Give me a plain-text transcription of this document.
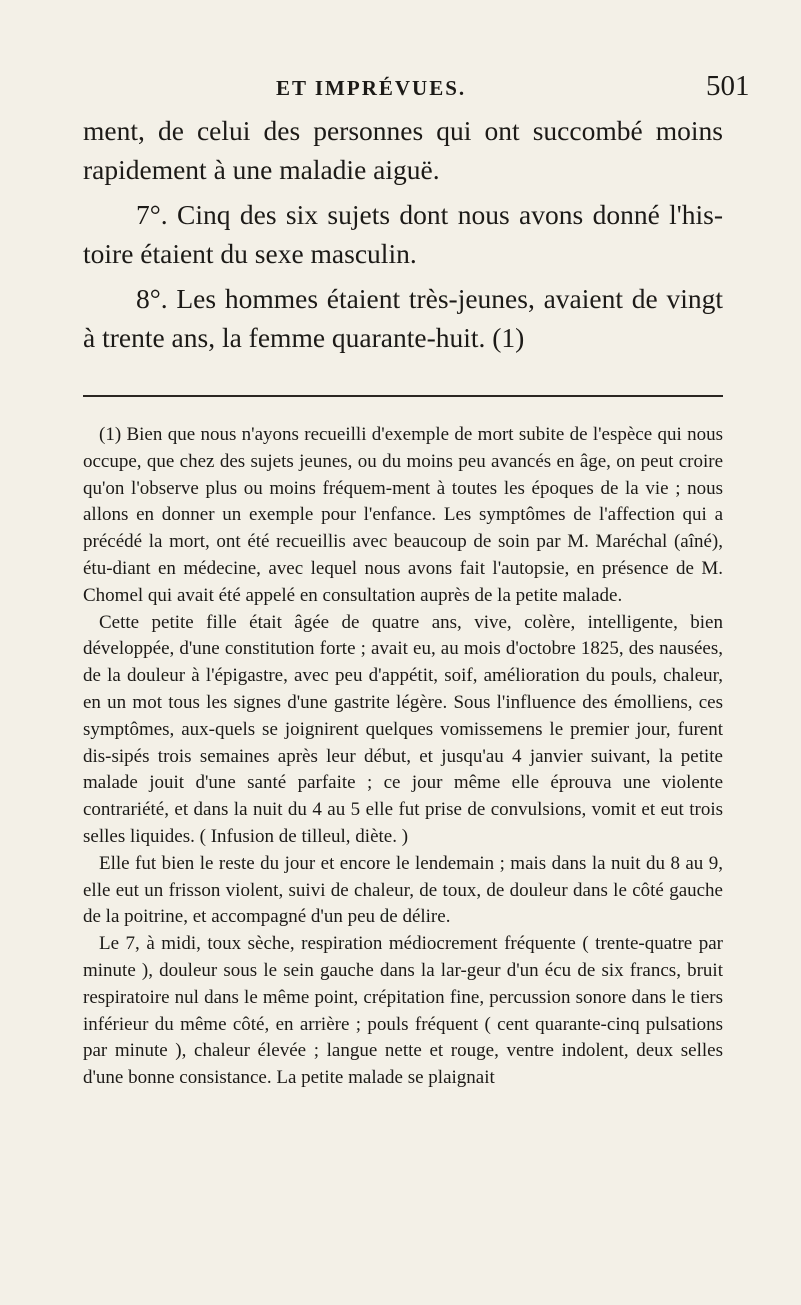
ET IMPRÉVUES.	501

ment, de celui des personnes qui ont succombé moins rapidement à une maladie aiguë.

7°. Cinq des six sujets dont nous avons donné l'his-toire étaient du sexe masculin.

8°. Les hommes étaient très-jeunes, avaient de vingt à trente ans, la femme quarante-huit. (1)

(1) Bien que nous n'ayons recueilli d'exemple de mort subite de l'espèce qui nous occupe, que chez des sujets jeunes, ou du moins peu avancés en âge, on peut croire qu'on l'observe plus ou moins fréquem-ment à toutes les époques de la vie ; nous allons en donner un exemple pour l'enfance. Les symptômes de l'affection qui a précédé la mort, ont été recueillis avec beaucoup de soin par M. Maréchal (aîné), étu-diant en médecine, avec lequel nous avons fait l'autopsie, en présence de M. Chomel qui avait été appelé en consultation auprès de la petite malade.

Cette petite fille était âgée de quatre ans, vive, colère, intelligente, bien développée, d'une constitution forte ; avait eu, au mois d'octobre 1825, des nausées, de la douleur à l'épigastre, avec peu d'appétit, soif, amélioration du pouls, chaleur, en un mot tous les signes d'une gastrite légère. Sous l'influence des émolliens, ces symptômes, aux-quels se joignirent quelques vomissemens le premier jour, furent dis-sipés trois semaines après leur début, et jusqu'au 4 janvier suivant, la petite malade jouit d'une santé parfaite ; ce jour même elle éprouva une violente contrariété, et dans la nuit du 4 au 5 elle fut prise de convulsions, vomit et eut trois selles liquides. ( Infusion de tilleul, diète. )

Elle fut bien le reste du jour et encore le lendemain ; mais dans la nuit du 8 au 9, elle eut un frisson violent, suivi de chaleur, de toux, de douleur dans le côté gauche de la poitrine, et accompagné d'un peu de délire.

Le 7, à midi, toux sèche, respiration médiocrement fréquente ( trente-quatre par minute ), douleur sous le sein gauche dans la lar-geur d'un écu de six francs, bruit respiratoire nul dans le même point, crépitation fine, percussion sonore dans le tiers inférieur du même côté, en arrière ; pouls fréquent ( cent quarante-cinq pulsations par minute ), chaleur élevée ; langue nette et rouge, ventre indolent, deux selles d'une bonne consistance. La petite malade se plaignait
